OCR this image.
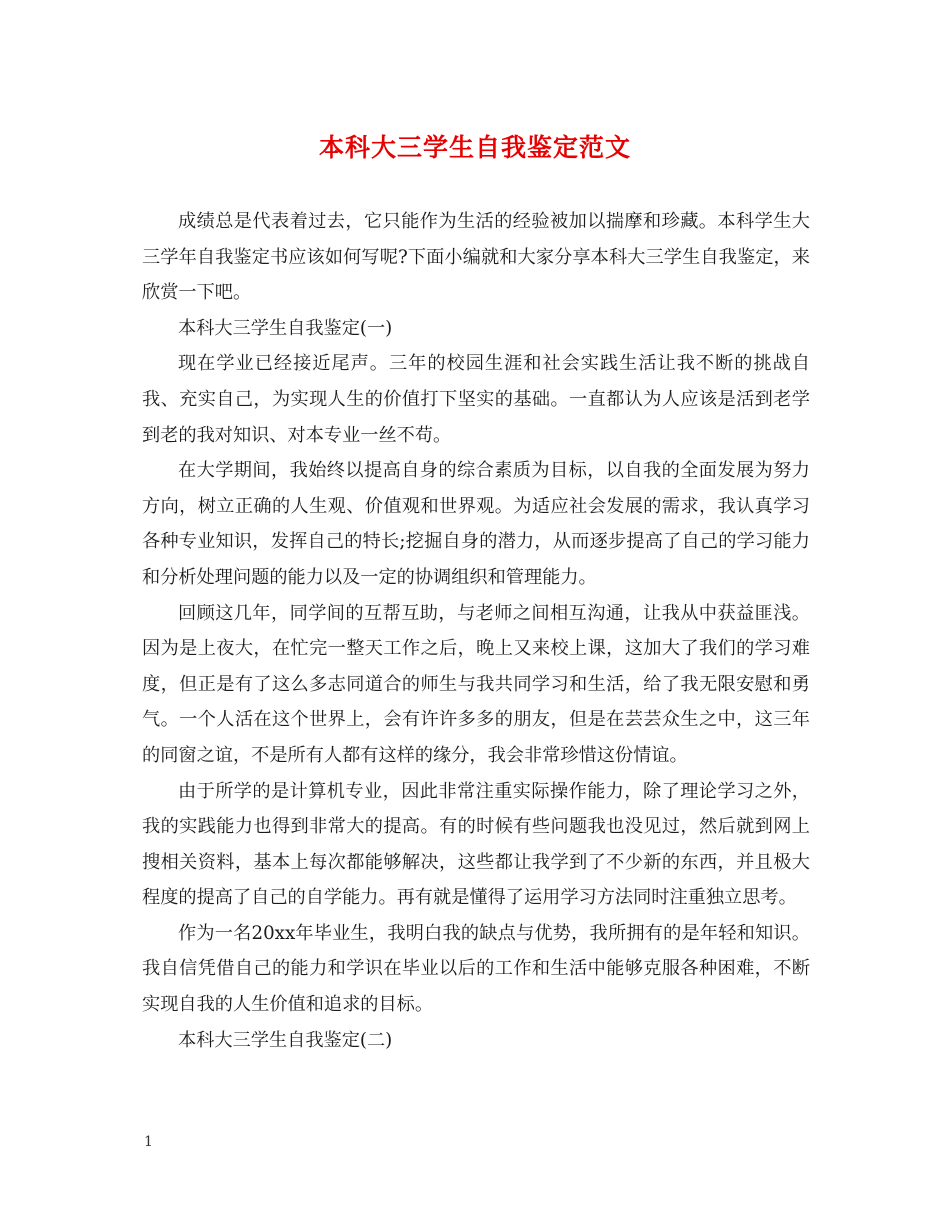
本科大三学生自我鉴定范文

成绩总是代表着过去，它只能作为生活的经验被加以揣摩和珍藏。本科学生大三学年自我鉴定书应该如何写呢?下面小编就和大家分享本科大三学生自我鉴定，来欣赏一下吧。

本科大三学生自我鉴定(一)

现在学业已经接近尾声。三年的校园生涯和社会实践生活让我不断的挑战自我、充实自己，为实现人生的价值打下坚实的基础。一直都认为人应该是活到老学到老的我对知识、对本专业一丝不苟。

在大学期间，我始终以提高自身的综合素质为目标，以自我的全面发展为努力方向，树立正确的人生观、价值观和世界观。为适应社会发展的需求，我认真学习各种专业知识，发挥自己的特长;挖掘自身的潜力，从而逐步提高了自己的学习能力和分析处理问题的能力以及一定的协调组织和管理能力。

回顾这几年，同学间的互帮互助，与老师之间相互沟通，让我从中获益匪浅。因为是上夜大，在忙完一整天工作之后，晚上又来校上课，这加大了我们的学习难度，但正是有了这么多志同道合的师生与我共同学习和生活，给了我无限安慰和勇气。一个人活在这个世界上，会有许许多多的朋友，但是在芸芸众生之中，这三年的同窗之谊，不是所有人都有这样的缘分，我会非常珍惜这份情谊。

由于所学的是计算机专业，因此非常注重实际操作能力，除了理论学习之外，我的实践能力也得到非常大的提高。有的时候有些问题我也没见过，然后就到网上搜相关资料，基本上每次都能够解决，这些都让我学到了不少新的东西，并且极大程度的提高了自己的自学能力。再有就是懂得了运用学习方法同时注重独立思考。

作为一名20xx年毕业生，我明白我的缺点与优势，我所拥有的是年轻和知识。我自信凭借自己的能力和学识在毕业以后的工作和生活中能够克服各种困难，不断实现自我的人生价值和追求的目标。

本科大三学生自我鉴定(二)

1
